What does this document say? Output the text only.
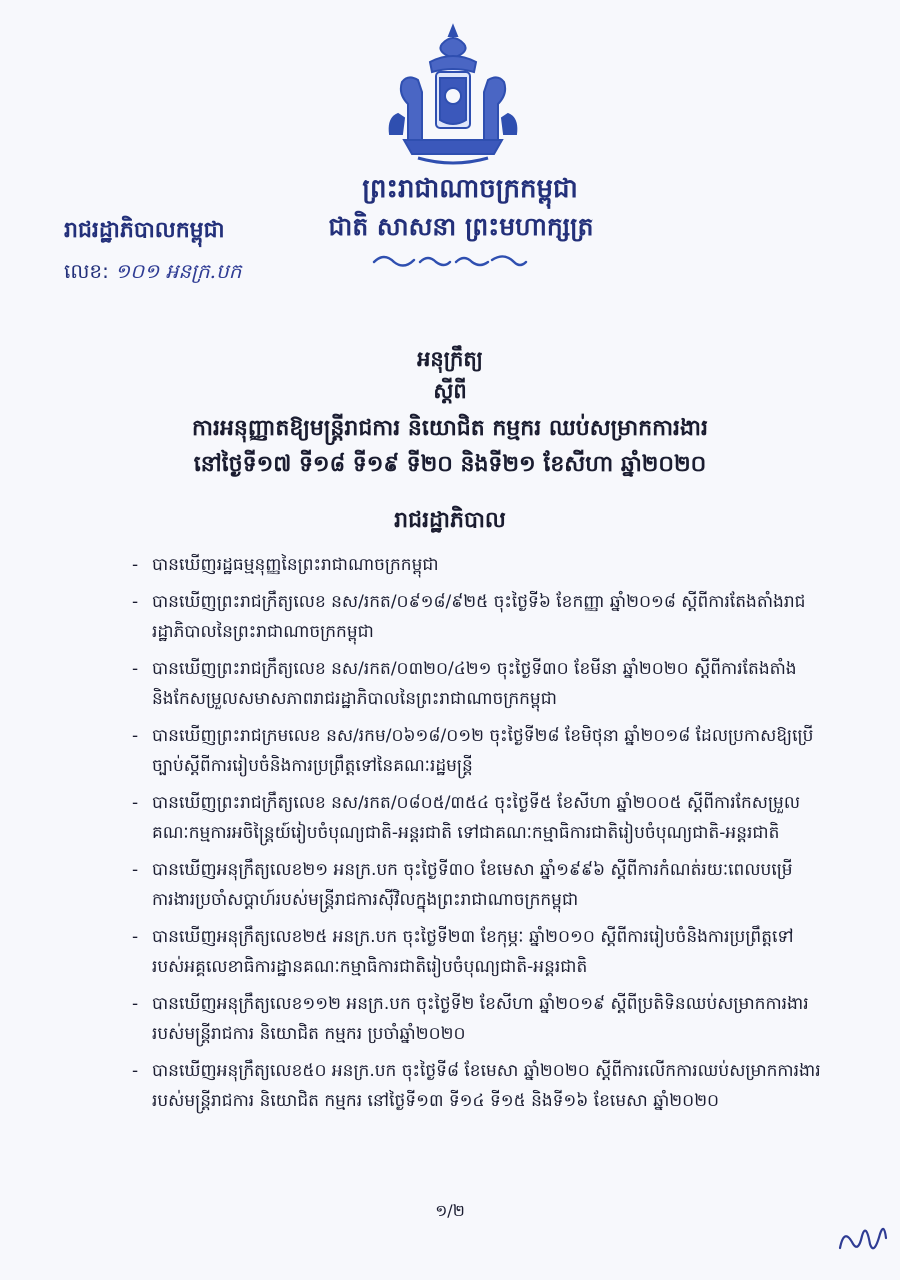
ព្រះរាជាណាចក្រកម្ពុជា
ជាតិ សាសនា ព្រះមហាក្សត្រ
រាជរដ្ឋាភិបាលកម្ពុជា
លេខ: ១០១ អនក្រ.បក
អនុក្រឹត្យ
ស្តីពី
ការអនុញ្ញាតឱ្យមន្ត្រីរាជការ និយោជិត កម្មករ ឈប់សម្រាកការងារ
នៅថ្ងៃទី១៧ ទី១៨ ទី១៩ ទី២០ និងទី២១ ខែសីហា ឆ្នាំ២០២០
រាជរដ្ឋាភិបាល
- បានឃើញរដ្ឋធម្មនុញ្ញនៃព្រះរាជាណាចក្រកម្ពុជា
- បានឃើញព្រះរាជក្រឹត្យលេខ នស/រកត/០៩១៨/៩២៥ ចុះថ្ងៃទី៦ ខែកញ្ញា ឆ្នាំ២០១៨ ស្តីពីការតែងតាំងរាជរដ្ឋាភិបាលនៃព្រះរាជាណាចក្រកម្ពុជា
- បានឃើញព្រះរាជក្រឹត្យលេខ នស/រកត/០៣២០/៤២១ ចុះថ្ងៃទី៣០ ខែមីនា ឆ្នាំ២០២០ ស្តីពីការតែងតាំងនិងកែសម្រួលសមាសភាពរាជរដ្ឋាភិបាលនៃព្រះរាជាណាចក្រកម្ពុជា
- បានឃើញព្រះរាជក្រមលេខ នស/រកម/០៦១៨/០១២ ចុះថ្ងៃទី២៨ ខែមិថុនា ឆ្នាំ២០១៨ ដែលប្រកាសឱ្យប្រើច្បាប់ស្តីពីការរៀបចំនិងការប្រព្រឹត្តទៅនៃគណៈរដ្ឋមន្ត្រី
- បានឃើញព្រះរាជក្រឹត្យលេខ នស/រកត/០៨០៥/៣៥៤ ចុះថ្ងៃទី៥ ខែសីហា ឆ្នាំ២០០៥ ស្តីពីការកែសម្រួលគណៈកម្មការអចិន្ត្រៃយ៍រៀបចំបុណ្យជាតិ-អន្តរជាតិ ទៅជាគណៈកម្មាធិការជាតិរៀបចំបុណ្យជាតិ-អន្តរជាតិ
- បានឃើញអនុក្រឹត្យលេខ២១ អនក្រ.បក ចុះថ្ងៃទី៣០ ខែមេសា ឆ្នាំ១៩៩៦ ស្តីពីការកំណត់រយៈពេលបម្រើការងារប្រចាំសប្តាហ៍របស់មន្ត្រីរាជការស៊ីវិលក្នុងព្រះរាជាណាចក្រកម្ពុជា
- បានឃើញអនុក្រឹត្យលេខ២៥ អនក្រ.បក ចុះថ្ងៃទី២៣ ខែកុម្ភៈ ឆ្នាំ២០១០ ស្តីពីការរៀបចំនិងការប្រព្រឹត្តទៅរបស់អគ្គលេខាធិការដ្ឋានគណៈកម្មាធិការជាតិរៀបចំបុណ្យជាតិ-អន្តរជាតិ
- បានឃើញអនុក្រឹត្យលេខ១១២ អនក្រ.បក ចុះថ្ងៃទី២ ខែសីហា ឆ្នាំ២០១៩ ស្តីពីប្រតិទិនឈប់សម្រាកការងាររបស់មន្ត្រីរាជការ និយោជិត កម្មករ ប្រចាំឆ្នាំ២០២០
- បានឃើញអនុក្រឹត្យលេខ៥០ អនក្រ.បក ចុះថ្ងៃទី៨ ខែមេសា ឆ្នាំ២០២០ ស្តីពីការលើកការឈប់សម្រាកការងាររបស់មន្ត្រីរាជការ និយោជិត កម្មករ នៅថ្ងៃទី១៣ ទី១៤ ទី១៥ និងទី១៦ ខែមេសា ឆ្នាំ២០២០
១/២
